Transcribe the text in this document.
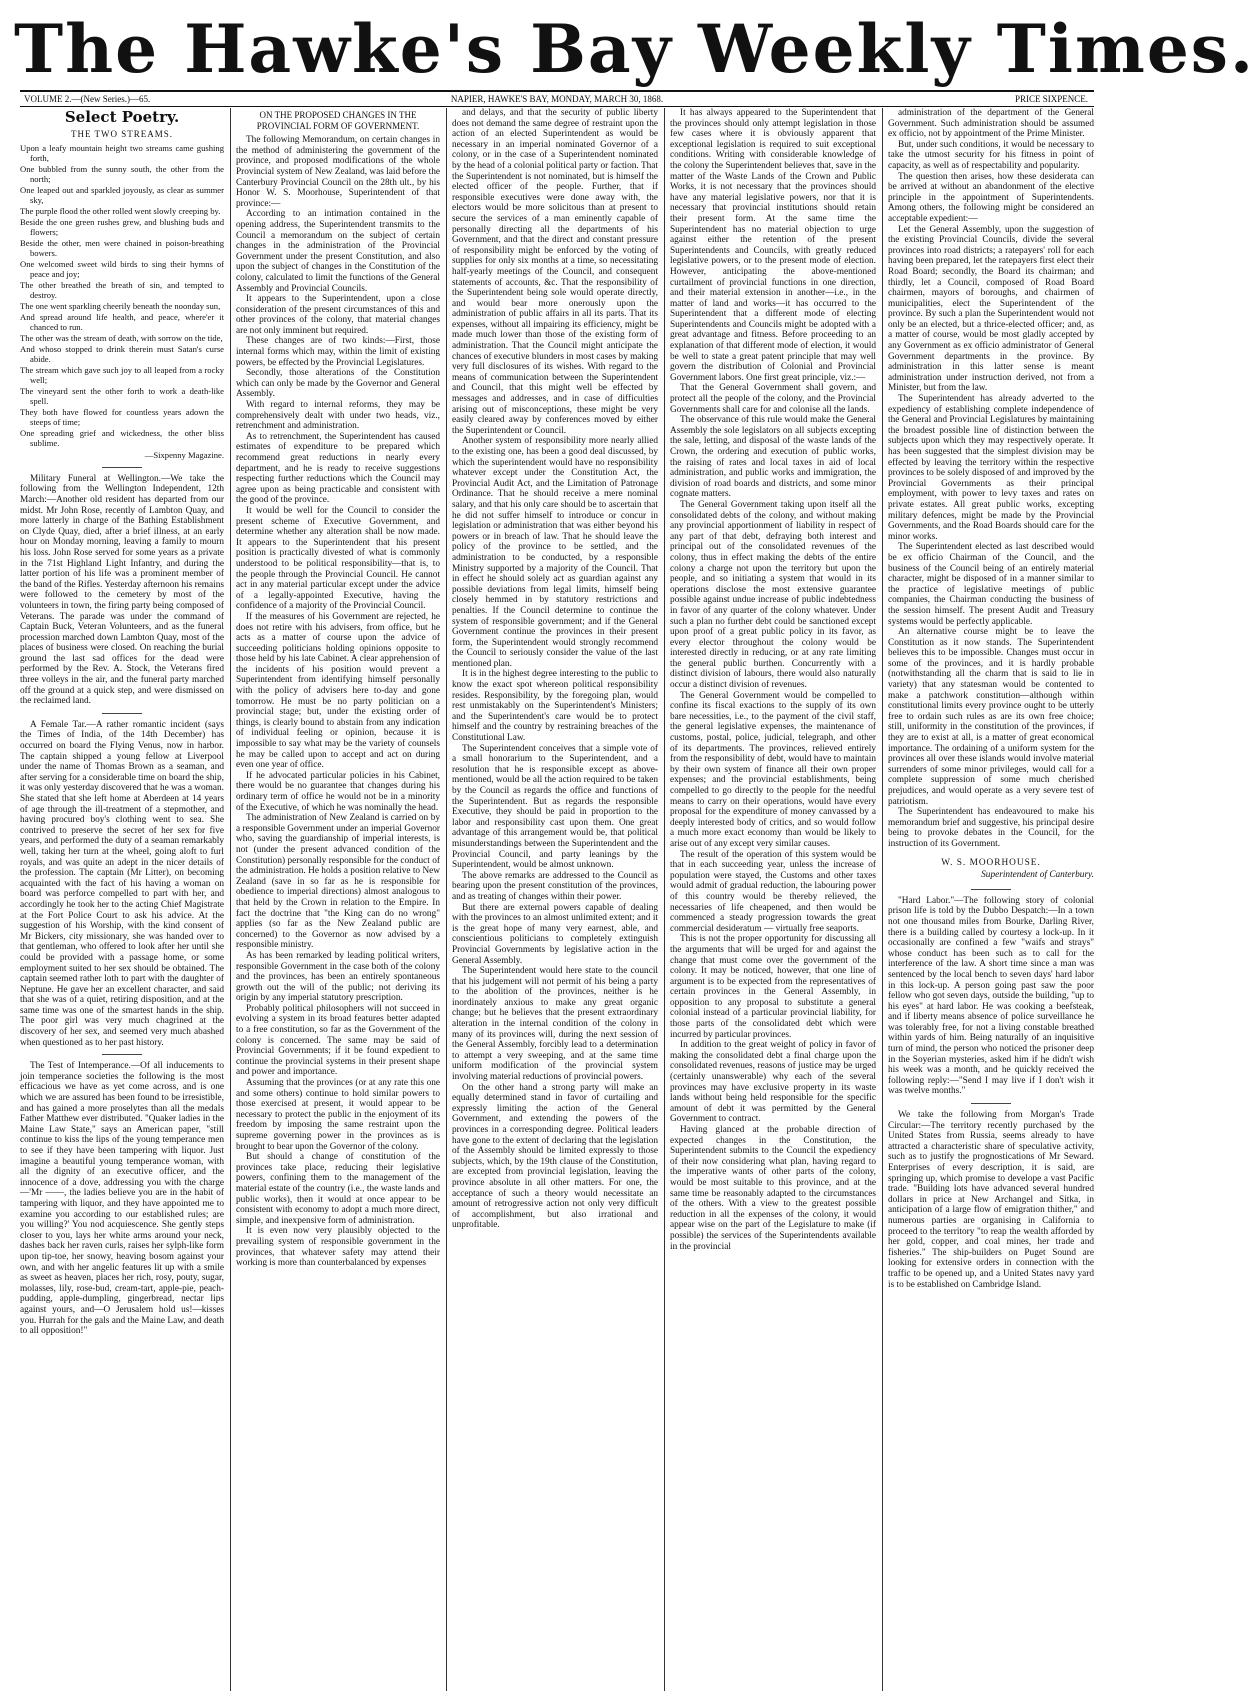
The Hawke's Bay Weekly Times.
VOLUME 2.—(New Series.)—65.	NAPIER, HAWKE'S BAY, MONDAY, MARCH 30, 1868.	PRICE SIXPENCE.
Select Poetry.
THE TWO STREAMS.

Upon a leafy mountain height two streams came gushing forth,

One bubbled from the sunny south, the other from the north;

One leaped out and sparkled joyously, as clear as summer sky,

The purple flood the other rolled went slowly creeping by.

Beside the one green rushes grew, and blushing buds and flowers;

Beside the other, men were chained in poison-breathing bowers.

One welcomed sweet wild birds to sing their hymns of peace and joy;

The other breathed the breath of sin, and tempted to destroy.

The one went sparkling cheerily beneath the noonday sun,

And spread around life health, and peace, where'er it chanced to run.

The other was the stream of death, with sorrow on the tide,

And whoso stopped to drink therein must Satan's curse abide.

The stream which gave such joy to all leaped from a rocky well;

The vineyard sent the other forth to work a death-like spell.

They both have flowed for countless years adown the steeps of time;

One spreading grief and wickedness, the other bliss sublime.

—Sixpenny Magazine.

Military Funeral at Wellington.—We take the following from the Wellington Independent, 12th March:—Another old resident has departed from our midst. Mr John Rose, recently of Lambton Quay, and more latterly in charge of the Bathing Establishment on Clyde Quay, died, after a brief illness, at an early hour on Monday morning, leaving a family to mourn his loss. John Rose served for some years as a private in the 71st Highland Light Infantry, and during the latter portion of his life was a prominent member of the band of the Rifles. Yesterday afternoon his remains were followed to the cemetery by most of the volunteers in town, the firing party being composed of Veterans. The parade was under the command of Captain Buck, Veteran Volunteers, and as the funeral procession marched down Lambton Quay, most of the places of business were closed. On reaching the burial ground the last sad offices for the dead were performed by the Rev. A. Stock, the Veterans fired three volleys in the air, and the funeral party marched off the ground at a quick step, and were dismissed on the reclaimed land.

A Female Tar.—A rather romantic incident (says the Times of India, of the 14th December) has occurred on board the Flying Venus, now in harbor. The captain shipped a young fellow at Liverpool under the name of Thomas Brown as a seaman, and after serving for a considerable time on board the ship, it was only yesterday discovered that he was a woman. She stated that she left home at Aberdeen at 14 years of age through the ill-treatment of a stepmother, and having procured boy's clothing went to sea. She contrived to preserve the secret of her sex for five years, and performed the duty of a seaman remarkably well, taking her turn at the wheel, going aloft to furl royals, and was quite an adept in the nicer details of the profession. The captain (Mr Litter), on becoming acquainted with the fact of his having a woman on board was perforce compelled to part with her, and accordingly he took her to the acting Chief Magistrate at the Fort Police Court to ask his advice. At the suggestion of his Worship, with the kind consent of Mr Bickers, city missionary, she was handed over to that gentleman, who offered to look after her until she could be provided with a passage home, or some employment suited to her sex should be obtained. The captain seemed rather loth to part with the daughter of Neptune. He gave her an excellent character, and said that she was of a quiet, retiring disposition, and at the same time was one of the smartest hands in the ship. The poor girl was very much chagrined at the discovery of her sex, and seemed very much abashed when questioned as to her past history.

The Test of Intemperance.—Of all inducements to join temperance societies the following is the most efficacious we have as yet come across, and is one which we are assured has been found to be irresistible, and has gained a more proselytes than all the medals Father Matthew ever distributed. "Quaker ladies in the Maine Law State," says an American paper, "still continue to kiss the lips of the young temperance men to see if they have been tampering with liquor. Just imagine a beautiful young temperance woman, with all the dignity of an executive officer, and the innocence of a dove, addressing you with the charge—'Mr ——, the ladies believe you are in the habit of tampering with liquor, and they have appointed me to examine you according to our established rules; are you willing?' You nod acquiescence. She gently steps closer to you, lays her white arms around your neck, dashes back her raven curls, raises her sylph-like form upon tip-toe, her snowy, heaving bosom against your own, and with her angelic features lit up with a smile as sweet as heaven, places her rich, rosy, pouty, sugar, molasses, lily, rose-bud, cream-tart, apple-pie, peach-pudding, apple-dumpling, gingerbread, nectar lips against yours, and—O Jerusalem hold us!—kisses you. Hurrah for the gals and the Maine Law, and death to all opposition!"

ON THE PROPOSED CHANGES IN THE PROVINCIAL FORM OF GOVERNMENT.

The following Memorandum, on certain changes in the method of administering the government of the province, and proposed modifications of the whole Provincial system of New Zealand, was laid before the Canterbury Provincial Council on the 28th ult., by his Honor W. S. Moorhouse, Superintendent of that province:—

According to an intimation contained in the opening address, the Superintendent transmits to the Council a memorandum on the subject of certain changes in the administration of the Provincial Government under the present Constitution, and also upon the subject of changes in the Constitution of the colony, calculated to limit the functions of the General Assembly and Provincial Councils.

It appears to the Superintendent, upon a close consideration of the present circumstances of this and other provinces of the colony, that material changes are not only imminent but required.

These changes are of two kinds:—First, those internal forms which may, within the limit of existing powers, be effected by the Provincial Legislatures.

Secondly, those alterations of the Constitution which can only be made by the Governor and General Assembly.

With regard to internal reforms, they may be comprehensively dealt with under two heads, viz., retrenchment and administration.

As to retrenchment, the Superintendent has caused estimates of expenditure to be prepared which recommend great reductions in nearly every department, and he is ready to receive suggestions respecting further reductions which the Council may agree upon as being practicable and consistent with the good of the province.

It would be well for the Council to consider the present scheme of Executive Government, and determine whether any alteration shall be now made. It appears to the Superintendent that his present position is practically divested of what is commonly understood to be political responsibility—that is, to the people through the Provincial Council. He cannot act in any material particular except under the advice of a legally-appointed Executive, having the confidence of a majority of the Provincial Council.

If the measures of his Government are rejected, he does not retire with his advisers, from office, but he acts as a matter of course upon the advice of succeeding politicians holding opinions opposite to those held by his late Cabinet. A clear apprehension of the incidents of his position would prevent a Superintendent from identifying himself personally with the policy of advisers here to-day and gone tomorrow. He must be no party politician on a provincial stage; but, under the existing order of things, is clearly bound to abstain from any indication of individual feeling or opinion, because it is impossible to say what may be the variety of counsels he may be called upon to accept and act on during even one year of office.

If he advocated particular policies in his Cabinet, there would be no guarantee that changes during his ordinary term of office he would not be in a minority of the Executive, of which he was nominally the head.

The administration of New Zealand is carried on by a responsible Government under an imperial Governor who, saving the guardianship of imperial interests, is not (under the present advanced condition of the Constitution) personally responsible for the conduct of the administration. He holds a position relative to New Zealand (save in so far as he is responsible for obedience to imperial directions) almost analogous to that held by the Crown in relation to the Empire. In fact the doctrine that "the King can do no wrong" applies (so far as the New Zealand public are concerned) to the Governor as now advised by a responsible ministry.

As has been remarked by leading political writers, responsible Government in the case both of the colony and the provinces, has been an entirely spontaneous growth out the will of the public; not deriving its origin by any imperial statutory prescription.

Probably political philosophers will not succeed in evolving a system in its broad features better adapted to a free constitution, so far as the Government of the colony is concerned. The same may be said of Provincial Governments; if it be found expedient to continue the provincial systems in their present shape and power and importance.

Assuming that the provinces (or at any rate this one and some others) continue to hold similar powers to those exercised at present, it would appear to be necessary to protect the public in the enjoyment of its freedom by imposing the same restraint upon the supreme governing power in the provinces as is brought to bear upon the Governor of the colony.

But should a change of constitution of the provinces take place, reducing their legislative powers, confining them to the management of the material estate of the country (i.e., the waste lands and public works), then it would at once appear to be consistent with economy to adopt a much more direct, simple, and inexpensive form of administration.

It is even now very plausibly objected to the prevailing system of responsible government in the provinces, that whatever safety may attend their working is more than counterbalanced by expenses

and delays, and that the security of public liberty does not demand the same degree of restraint upon the action of an elected Superintendent as would be necessary in an imperial nominated Governor of a colony, or in the case of a Superintendent nominated by the head of a colonial political party or faction. That the Superintendent is not nominated, but is himself the elected officer of the people. Further, that if responsible executives were done away with, the electors would be more solicitous than at present to secure the services of a man eminently capable of personally directing all the departments of his Government, and that the direct and constant pressure of responsibility might be enforced by the voting of supplies for only six months at a time, so necessitating half-yearly meetings of the Council, and consequent statements of accounts, &c. That the responsibility of the Superintendent being sole would operate directly, and would bear more onerously upon the administration of public affairs in all its parts. That its expenses, without all impairing its efficiency, might be made much lower than those of the existing form of administration. That the Council might anticipate the chances of executive blunders in most cases by making very full disclosures of its wishes. With regard to the means of communication between the Superintendent and Council, that this might well be effected by messages and addresses, and in case of difficulties arising out of misconceptions, these might be very easily cleared away by conferences moved by either the Superintendent or Council.

Another system of responsibility more nearly allied to the existing one, has been a good deal discussed, by which the superintendent would have no responsibility whatever except under the Constitution Act, the Provincial Audit Act, and the Limitation of Patronage Ordinance. That he should receive a mere nominal salary, and that his only care should be to ascertain that he did not suffer himself to introduce or concur in legislation or administration that was either beyond his powers or in breach of law. That he should leave the policy of the province to be settled, and the administration to be conducted, by a responsible Ministry supported by a majority of the Council. That in effect he should solely act as guardian against any possible deviations from legal limits, himself being closely hemmed in by statutory restrictions and penalties. If the Council determine to continue the system of responsible government; and if the General Government continue the provinces in their present form, the Superintendent would strongly recommend the Council to seriously consider the value of the last mentioned plan.

It is in the highest degree interesting to the public to know the exact spot whereon political responsibility resides. Responsibility, by the foregoing plan, would rest unmistakably on the Superintendent's Ministers; and the Superintendent's care would be to protect himself and the country by restraining breaches of the Constitutional Law.

The Superintendent conceives that a simple vote of a small honorarium to the Superintendent, and a resolution that he is responsible except as above-mentioned, would be all the action required to be taken by the Council as regards the office and functions of the Superintendent. But as regards the responsible Executive, they should be paid in proportion to the labor and responsibility cast upon them. One great advantage of this arrangement would be, that political misunderstandings between the Superintendent and the Provincial Council, and party leanings by the Superintendent, would be almost unknown.

The above remarks are addressed to the Council as bearing upon the present constitution of the provinces, and as treating of changes within their power.

But there are external powers capable of dealing with the provinces to an almost unlimited extent; and it is the great hope of many very earnest, able, and conscientious politicians to completely extinguish Provincial Governments by legislative action in the General Assembly.

The Superintendent would here state to the council that his judgement will not permit of his being a party to the abolition of the provinces, neither is he inordinately anxious to make any great organic change; but he believes that the present extraordinary alteration in the internal condition of the colony in many of its provinces will, during the next session of the General Assembly, forcibly lead to a determination to attempt a very sweeping, and at the same time uniform modification of the provincial system involving material reductions of provincial powers.

On the other hand a strong party will make an equally determined stand in favor of curtailing and expressly limiting the action of the General Government, and extending the powers of the provinces in a corresponding degree. Political leaders have gone to the extent of declaring that the legislation of the Assembly should be limited expressly to those subjects, which, by the 19th clause of the Constitution, are excepted from provincial legislation, leaving the province absolute in all other matters. For one, the acceptance of such a theory would necessitate an amount of retrogressive action not only very difficult of accomplishment, but also irrational and unprofitable.

It has always appeared to the Superintendent that the provinces should only attempt legislation in those few cases where it is obviously apparent that exceptional legislation is required to suit exceptional conditions. Writing with considerable knowledge of the colony the Superintendent believes that, save in the matter of the Waste Lands of the Crown and Public Works, it is not necessary that the provinces should have any material legislative powers, nor that it is necessary that provincial institutions should retain their present form. At the same time the Superintendent has no material objection to urge against either the retention of the present Superintendents and Councils, with greatly reduced legislative powers, or to the present mode of election. However, anticipating the above-mentioned curtailment of provincial functions in one direction, and their material extension in another—i.e., in the matter of land and works—it has occurred to the Superintendent that a different mode of electing Superintendents and Councils might be adopted with a great advantage and fitness. Before proceeding to an explanation of that different mode of election, it would be well to state a great patent principle that may well govern the distribution of Colonial and Provincial Government labors. One first great principle, viz.:—

That the General Government shall govern, and protect all the people of the colony, and the Provincial Governments shall care for and colonise all the lands.

The observance of this rule would make the General Assembly the sole legislators on all subjects excepting the sale, letting, and disposal of the waste lands of the Crown, the ordering and execution of public works, the raising of rates and local taxes in aid of local administration, and public works and immigration, the division of road boards and districts, and some minor cognate matters.

The General Government taking upon itself all the consolidated debts of the colony, and without making any provincial apportionment of liability in respect of any part of that debt, defraying both interest and principal out of the consolidated revenues of the colony, thus in effect making the debts of the entire colony a charge not upon the territory but upon the people, and so initiating a system that would in its operations disclose the most extensive guarantee possible against undue increase of public indebtedness in favor of any quarter of the colony whatever. Under such a plan no further debt could be sanctioned except upon proof of a great public policy in its favor, as every elector throughout the colony would be interested directly in reducing, or at any rate limiting the general public burthen. Concurrently with a distinct division of labours, there would also naturally occur a distinct division of revenues.

The General Government would be compelled to confine its fiscal exactions to the supply of its own bare necessities, i.e., to the payment of the civil staff, the general legislative expenses, the maintenance of customs, postal, police, judicial, telegraph, and other of its departments. The provinces, relieved entirely from the responsibility of debt, would have to maintain by their own system of finance all their own proper expenses; and the provincial establishments, being compelled to go directly to the people for the needful means to carry on their operations, would have every proposal for the expenditure of money canvassed by a deeply interested body of critics, and so would follow a much more exact economy than would be likely to arise out of any except very similar causes.

The result of the operation of this system would be that in each succeeding year, unless the increase of population were stayed, the Customs and other taxes would admit of gradual reduction, the labouring power of this country would be thereby relieved, the necessaries of life cheapened, and then would be commenced a steady progression towards the great commercial desideratum — virtually free seaports.

This is not the proper opportunity for discussing all the arguments that will be urged for and against the change that must come over the government of the colony. It may be noticed, however, that one line of argument is to be expected from the representatives of certain provinces in the General Assembly, in opposition to any proposal to substitute a general colonial instead of a particular provincial liability, for those parts of the consolidated debt which were incurred by particular provinces.

In addition to the great weight of policy in favor of making the consolidated debt a final charge upon the consolidated revenues, reasons of justice may be urged (certainly unanswerable) why each of the several provinces may have exclusive property in its waste lands without being held responsible for the specific amount of debt it was permitted by the General Government to contract.

Having glanced at the probable direction of expected changes in the Constitution, the Superintendent submits to the Council the expediency of their now considering what plan, having regard to the imperative wants of other parts of the colony, would be most suitable to this province, and at the same time be reasonably adapted to the circumstances of the others. With a view to the greatest possible reduction in all the expenses of the colony, it would appear wise on the part of the Legislature to make (if possible) the services of the Superintendents available in the provincial

administration of the department of the General Government. Such administration should be assumed ex officio, not by appointment of the Prime Minister.

But, under such conditions, it would be necessary to take the utmost security for his fitness in point of capacity, as well as of respectability and popularity.

The question then arises, how these desiderata can be arrived at without an abandonment of the elective principle in the appointment of Superintendents. Among others, the following might be considered an acceptable expedient:—

Let the General Assembly, upon the suggestion of the existing Provincial Councils, divide the several provinces into road districts; a ratepayers' roll for each having been prepared, let the ratepayers first elect their Road Board; secondly, the Board its chairman; and thirdly, let a Council, composed of Road Board chairmen, mayors of boroughs, and chairmen of municipalities, elect the Superintendent of the province. By such a plan the Superintendent would not only be an elected, but a thrice-elected officer; and, as a matter of course, would be most gladly accepted by any Government as ex officio administrator of General Government departments in the province. By administration in this latter sense is meant administration under instruction derived, not from a Minister, but from the law.

The Superintendent has already adverted to the expediency of establishing complete independence of the General and Provincial Legislatures by maintaining the broadest possible line of distinction between the subjects upon which they may respectively operate. It has been suggested that the simplest division may be effected by leaving the territory within the respective provinces to be solely disposed of and improved by the Provincial Governments as their principal employment, with power to levy taxes and rates on private estates. All great public works, excepting military defences, might be made by the Provincial Governments, and the Road Boards should care for the minor works.

The Superintendent elected as last described would be ex officio Chairman of the Council, and the business of the Council being of an entirely material character, might be disposed of in a manner similar to the practice of legislative meetings of public companies, the Chairman conducting the business of the session himself. The present Audit and Treasury systems would be perfectly applicable.

An alternative course might be to leave the Constitution as it now stands. The Superintendent believes this to be impossible. Changes must occur in some of the provinces, and it is hardly probable (notwithstanding all the charm that is said to lie in variety) that any statesman would be contented to make a patchwork constitution—although within constitutional limits every province ought to be utterly free to ordain such rules as are its own free choice; still, uniformity in the constitution of the provinces, if they are to exist at all, is a matter of great economical importance. The ordaining of a uniform system for the provinces all over these islands would involve material surrenders of some minor privileges, would call for a complete suppression of some much cherished prejudices, and would operate as a very severe test of patriotism.

The Superintendent has endeavoured to make his memorandum brief and suggestive, his principal desire being to provoke debates in the Council, for the instruction of its Government.

W. S. MOORHOUSE.
Superintendent of Canterbury.

"Hard Labor."—The following story of colonial prison life is told by the Dubbo Despatch:—In a town not one thousand miles from Bourke, Darling River, there is a building called by courtesy a lock-up. In it occasionally are confined a few "waifs and strays" whose conduct has been such as to call for the interference of the law. A short time since a man was sentenced by the local bench to seven days' hard labor in this lock-up. A person going past saw the poor fellow who got seven days, outside the building, "up to his eyes" at hard labor. He was cooking a beefsteak, and if liberty means absence of police surveillance he was tolerably free, for not a living constable breathed within yards of him. Being naturally of an inquisitive turn of mind, the person who noticed the prisoner deep in the Soyerian mysteries, asked him if he didn't wish his week was a month, and he quickly received the following reply:—"Send I may live if I don't wish it was twelve months."

We take the following from Morgan's Trade Circular:—The territory recently purchased by the United States from Russia, seems already to have attracted a characteristic share of speculative activity, such as to justify the prognostications of Mr Seward. Enterprises of every description, it is said, are springing up, which promise to develope a vast Pacific trade. "Building lots have advanced several hundred dollars in price at New Archangel and Sitka, in anticipation of a large flow of emigration thither," and numerous parties are organising in California to proceed to the territory "to reap the wealth afforded by her gold, copper, and coal mines, her trade and fisheries." The ship-builders on Puget Sound are looking for extensive orders in connection with the traffic to be opened up, and a United States navy yard is to be established on Cambridge Island.
